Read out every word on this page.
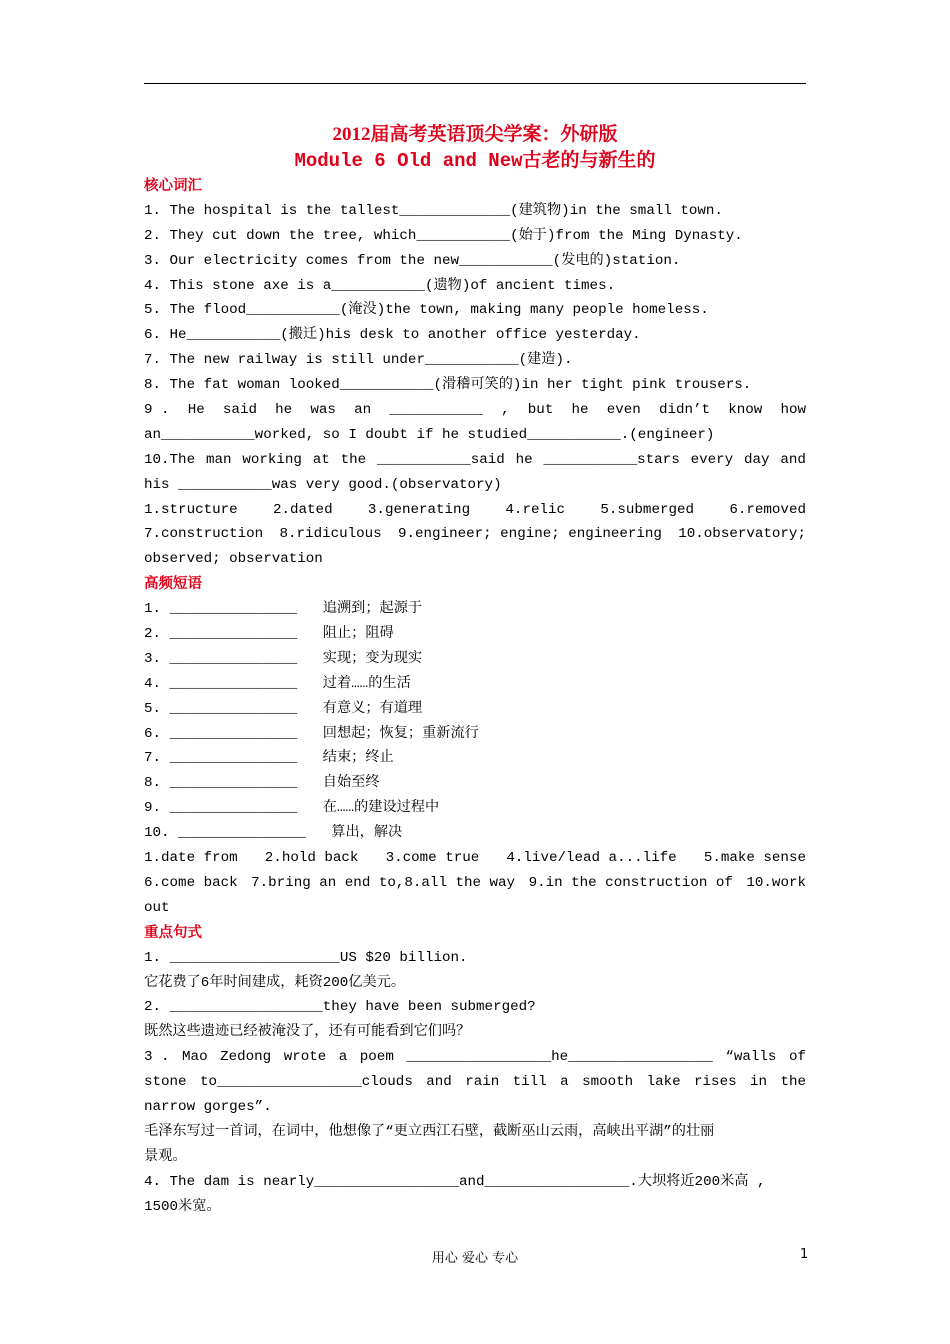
2012届高考英语顶尖学案：外研版
Module 6 Old and New古老的与新生的
核心词汇
1. The hospital is the tallest_____________(建筑物)in the small town.
2. They cut down the tree, which___________(始于)from the Ming Dynasty.
3. Our electricity comes from the new___________(发电的)station.
4. This stone axe is a___________(遗物)of ancient times.
5. The flood___________(淹没)the town, making many people homeless.
6. He___________(搬迁)his desk to another office yesterday.
7. The new railway is still under___________(建造).
8. The fat woman looked___________(滑稽可笑的)in her tight pink trousers.
9 . He said he was an ___________ , but he even didn’t know how
an___________worked, so I doubt if he studied___________.(engineer)
10.The man working at the ___________said he ___________stars every day and
his ___________was very good.(observatory)
1.structure 2.dated 3.generating 4.relic 5.submerged 6.removed
7.construction 8.ridiculous 9.engineer; engine; engineering 10.observatory;
observed; observation
高频短语
1. _______________   追溯到；起源于
2. _______________   阻止；阻碍
3. _______________   实现；变为现实
4. _______________   过着……的生活
5. _______________   有意义；有道理
6. _______________   回想起；恢复；重新流行
7. _______________   结束；终止
8. _______________   自始至终
9. _______________   在……的建设过程中
10. _______________   算出，解决
1.date from 2.hold back 3.come true 4.live/lead a...life 5.make sense
6.come back 7.bring an end to,8.all the way 9.in the construction of 10.work
out
重点句式
1. ____________________US $20 billion.
它花费了6年时间建成，耗资200亿美元。
2. __________________they have been submerged?
既然这些遗迹已经被淹没了，还有可能看到它们吗？
3 . Mao Zedong wrote a poem _________________he_________________ “walls of
stone to_________________clouds and rain till a smooth lake rises in the
narrow gorges”.
毛泽东写过一首词，在词中，他想像了“更立西江石壁，截断巫山云雨，高峡出平湖”的壮丽
景观。
4. The dam is nearly_________________and_________________.大坝将近200米高 ,
1500米宽。
用心 爱心 专心	1
